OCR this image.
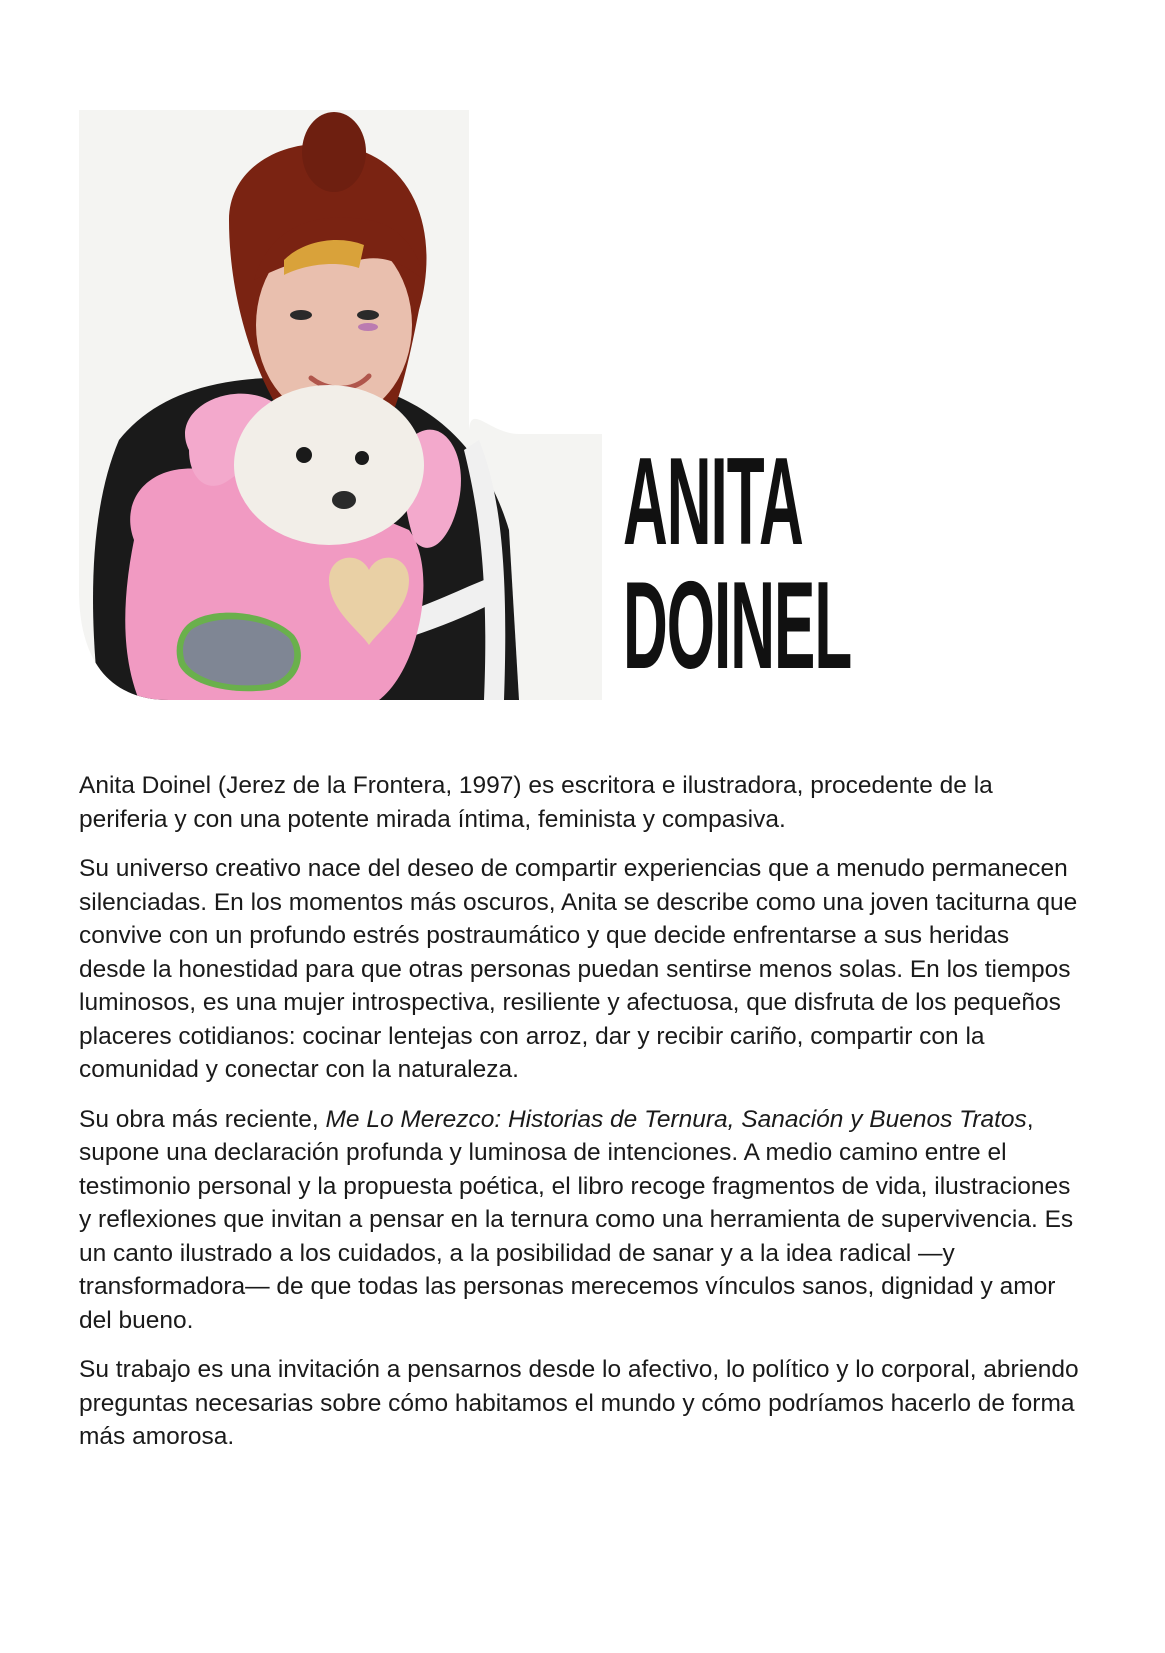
ANITA
DOINEL

Anita Doinel (Jerez de la Frontera, 1997) es escritora e ilustradora, procedente de la periferia y con una potente mirada íntima, feminista y compasiva.

Su universo creativo nace del deseo de compartir experiencias que a menudo permanecen silenciadas. En los momentos más oscuros, Anita se describe como una joven taciturna que convive con un profundo estrés postraumático y que decide enfrentarse a sus heridas desde la honestidad para que otras personas puedan sentirse menos solas. En los tiempos luminosos, es una mujer introspectiva, resiliente y afectuosa, que disfruta de los pequeños placeres cotidianos: cocinar lentejas con arroz, dar y recibir cariño, compartir con la comunidad y conectar con la naturaleza.

Su obra más reciente, Me Lo Merezco: Historias de Ternura, Sanación y Buenos Tratos, supone una declaración profunda y luminosa de intenciones. A medio camino entre el testimonio personal y la propuesta poética, el libro recoge fragmentos de vida, ilustraciones y reflexiones que invitan a pensar en la ternura como una herramienta de supervivencia. Es un canto ilustrado a los cuidados, a la posibilidad de sanar y a la idea radical —y transformadora— de que todas las personas merecemos vínculos sanos, dignidad y amor del bueno.

Su trabajo es una invitación a pensarnos desde lo afectivo, lo político y lo corporal, abriendo preguntas necesarias sobre cómo habitamos el mundo y cómo podríamos hacerlo de forma más amorosa.
